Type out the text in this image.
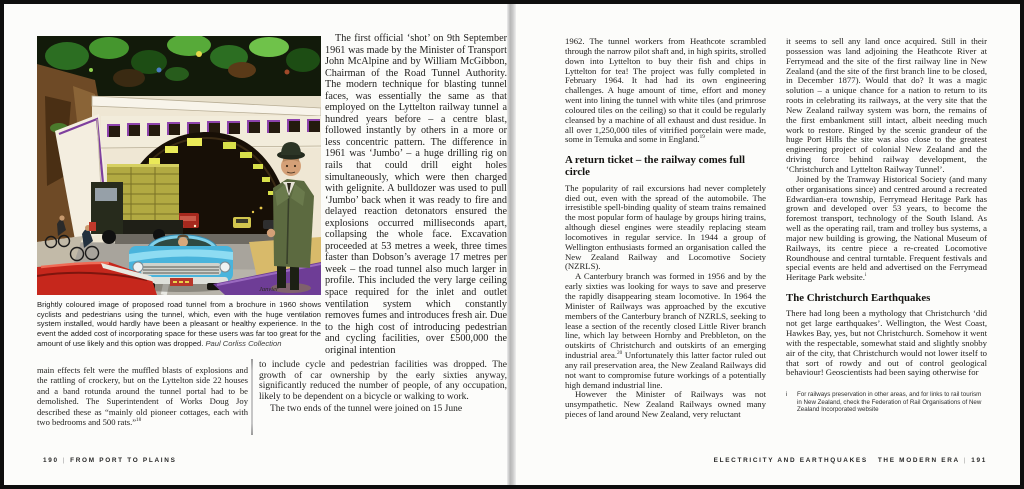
Janvier
Brightly coloured image of proposed road tunnel from a brochure in 1960 shows cyclists and pedestrians using the tunnel, which, even with the huge ventilation system installed, would hardly have been a pleasant or healthy experience. In the event the added cost of incorporating space for these users was far too great for the amount of use likely and this option was dropped. Paul Corliss Collection

The first official ‘shot’ on 9th September 1961 was made by the Minister of Transport John McAlpine and by William McGibbon, Chairman of the Road Tunnel Authority. The modern technique for blasting tunnel faces, was essentially the same as that employed on the Lyttelton railway tunnel a hundred years before – a centre blast, followed instantly by others in a more or less concentric pattern. The difference in 1961 was ‘Jumbo’ – a huge drilling rig on rails that could drill eight holes simultaneously, which were then charged with gelignite. A bulldozer was used to pull ‘Jumbo’ back when it was ready to fire and delayed reaction detonators ensured the explosions occurred milliseconds apart, collapsing the whole face. Excavation proceeded at 53 metres a week, three times faster than Dobson’s average 17 metres per week – the road tunnel also much larger in profile. This included the very large ceiling space required for the inlet and outlet ventilation system which constantly removes fumes and introduces fresh air. Due to the high cost of introducing pedestrian and cycling facilities, over £500,000 the original intention

main effects felt were the muffled blasts of explosions and the rattling of crockery, but on the Lyttelton side 22 houses and a band rotunda around the tunnel portal had to be demolished. The Superintendent of Works Doug Joy described these as “mainly old pioneer cottages, each with two bedrooms and 500 rats.”$^{18}$

to include cycle and pedestrian facilities was dropped. The growth of car ownership by the early sixties anyway, significantly reduced the number of people, of any occupation, likely to be dependent on a bicycle or walking to work.

The two ends of the tunnel were joined on 15 June

190 | FROM PORT TO PLAINS

1962. The tunnel workers from Heathcote scrambled through the narrow pilot shaft and, in high spirits, strolled down into Lyttelton to buy their fish and chips in Lyttelton for tea! The project was fully completed in February 1964. It had had its own engineering challenges. A huge amount of time, effort and money went into lining the tunnel with white tiles (and primrose coloured tiles on the ceiling) so that it could be regularly cleansed by a machine of all exhaust and dust residue. In all over 1,250,000 tiles of vitrified porcelain were made, some in Temuka and some in England.$^{19}$

A return ticket – the railway comes full circle

The popularity of rail excursions had never completely died out, even with the spread of the automobile. The irresistible spell-binding quality of steam trains remained the most popular form of haulage by groups hiring trains, although diesel engines were steadily replacing steam locomotives in regular service. In 1944 a group of Wellington enthusiasts formed an organisation called the New Zealand Railway and Locomotive Society (NZRLS).

A Canterbury branch was formed in 1956 and by the early sixties was looking for ways to save and preserve the rapidly disappearing steam locomotive. In 1964 the Minister of Railways was approached by the excutive members of the Canterbury branch of NZRLS, seeking to lease a section of the recently closed Little River branch line, which lay between Hornby and Prebbleton, on the outskirts of Christchurch and outskirts of an emerging industrial area.$^{20}$ Unfortunately this latter factor ruled out any rail preservation area, the New Zealand Railways did not want to compromise future workings of a potentially high demand industrial line.

However the Minister of Railways was not unsympathetic. New Zealand Railways owned many pieces of land around New Zealand, very reluctant

it seems to sell any land once acquired. Still in their possession was land adjoining the Heathcote River at Ferrymead and the site of the first railway line in New Zealand (and the site of the first branch line to be closed, in December 1877). Would that do? It was a magic solution – a unique chance for a nation to return to its roots in celebrating its railways, at the very site that the New Zealand railway system was born, the remains of the first embankment still intact, albeit needing much work to restore. Ringed by the scenic grandeur of the huge Port Hills the site was also close to the greatest engineering project of colonial New Zealand and the driving force behind railway development, the ‘Christchurch and Lyttelton Railway Tunnel’.

Joined by the Tramway Historical Society (and many other organisations since) and centred around a recreated Edwardian-era township, Ferrymead Heritage Park has grown and developed over 53 years, to become the foremost transport, technology of the South Island. As well as the operating rail, tram and trolley bus systems, a major new building is growing, the National Museum of Railways, its centre piece a re-created Locomotive Roundhouse and central turntable. Frequent festivals and special events are held and advertised on the Ferrymead Heritage Park website.$^i$

The Christchurch Earthquakes

There had long been a mythology that Christchurch ‘did not get large earthquakes’. Wellington, the West Coast, Hawkes Bay, yes, but not Christchurch. Somehow it went with the respectable, somewhat staid and slightly snobby air of the city, that Christchurch would not lower itself to that sort of rowdy and out of control geological behaviour! Geoscientists had been saying otherwise for

i For railways preservation in other areas, and for links to rail tourism in New Zealand, check the Federation of Rail Organisations of New Zealand Incorporated website
ELECTRICITY AND EARTHQUAKES THE MODERN ERA | 191
